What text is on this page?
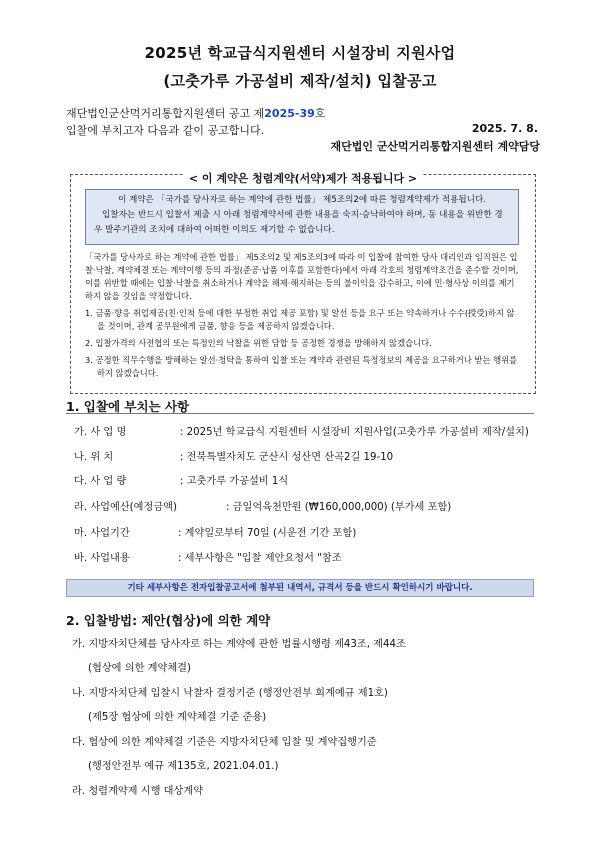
2025년 학교급식지원센터 시설장비 지원사업
(고춧가루 가공설비 제작/설치) 입찰공고
재단법인군산먹거리통합지원센터 공고 제2025-39호
입찰에 부치고자 다음과 같이 공고합니다.	2025. 7. 8.
재단법인 군산먹거리통합지원센터 계약담당
< 이 계약은 청렴계약(서약)제가 적용됩니다 >

이 계약은 「국가를 당사자로 하는 계약에 관한 법률」 제5조의2에 따른 청렴계약제가 적용됩니다.

입찰자는 반드시 입찰서 제출 시 아래 청렴계약서에 관한 내용을 숙지·승낙하여야 하며, 동 내용을 위반한 경우 발주기관의 조치에 대하여 어떠한 이의도 제기할 수 없습니다.

「국가를 당사자로 하는 계약에 관한 법률」 제5조의2 및 제5조의3에 따라 이 입찰에 참여한 당사 대리인과 임직원은 입찰·낙찰, 계약체결 또는 계약이행 등의 과정(준공·납품 이후를 포함한다)에서 아래 각호의 청렴계약조건을 준수할 것이며, 이를 위반할 때에는 입찰·낙찰을 취소하거나 계약을 해제·해지하는 등의 불이익을 감수하고, 이에 민·형사상 이의를 제기하지 않을 것임을 약정합니다.

1. 금품·향응 취업제공(친·인척 등에 대한 부정한 취업 제공 포함) 및 알선 등을 요구 또는 약속하거나 수수(授受)하지 않을 것이며, 관계 공무원에게 금품, 향응 등을 제공하지 않겠습니다.
2. 입찰가격의 사전협의 또는 특정인의 낙찰을 위한 담합 등 공정한 경쟁을 방해하지 않겠습니다.
3. 공정한 직무수행을 방해하는 알선·청탁을 통하여 입찰 또는 계약과 관련된 특정정보의 제공을 요구하거나 받는 행위를 하지 않겠습니다.
1. 입찰에 부치는 사항
가. 사 업 명	: 2025년 학교급식 지원센터 시설장비 지원사업(고춧가루 가공설비 제작/설치)
나. 위 치	: 전북특별자치도 군산시 성산면 산곡2길 19-10
다. 사 업 량	: 고춧가루 가공설비 1식
라. 사업예산(예정금액)	: 금일억육천만원 (₩160,000,000) (부가세 포함)
마. 사업기간	: 계약일로부터 70일 (시운전 기간 포함)
바. 사업내용	: 세부사항은 "입찰 제안요청서 "참조
기타 세부사항은 전자입찰공고서에 첨부된 내역서, 규격서 등을 반드시 확인하시기 바랍니다.
2. 입찰방법: 제안(협상)에 의한 계약
가. 지방자치단체를 당사자로 하는 계약에 관한 법률시행령 제43조, 제44조
(협상에 의한 계약체결)
나. 지방자치단체 입찰시 낙찰자 결정기준 (행정안전부 회계예규 제1호)
(제5장 협상에 의한 계약체결 기준 준용)
다. 협상에 의한 계약체결 기준은 지방자치단체 입찰 및 계약집행기준
(행정안전부 예규 제135호, 2021.04.01.)
라. 청렴계약제 시행 대상계약
